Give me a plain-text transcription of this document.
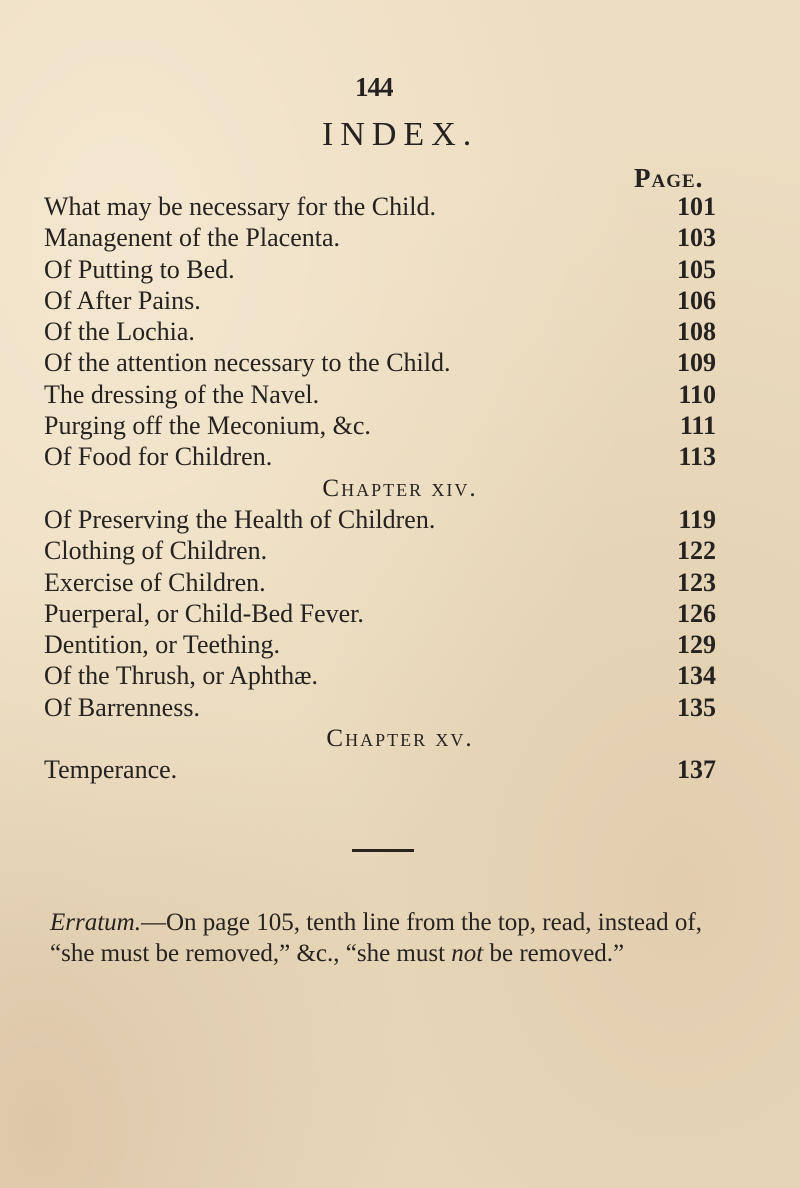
144
INDEX.
Page.
What may be necessary for the Child.	101
Managenent of the Placenta.	103
Of Putting to Bed.	105
Of After Pains.	106
Of the Lochia.	108
Of the attention necessary to the Child.	109
The dressing of the Navel.	110
Purging off the Meconium, &c.	111
Of Food for Children.	113
Chapter xiv.
Of Preserving the Health of Children.	119
Clothing of Children.	122
Exercise of Children.	123
Puerperal, or Child-Bed Fever.	126
Dentition, or Teething.	129
Of the Thrush, or Aphthæ.	134
Of Barrenness.	135
Chapter xv.
Temperance.	137

Erratum.—On page 105, tenth line from the top, read, instead of, “she must be removed,” &c., “she must not be removed.”
